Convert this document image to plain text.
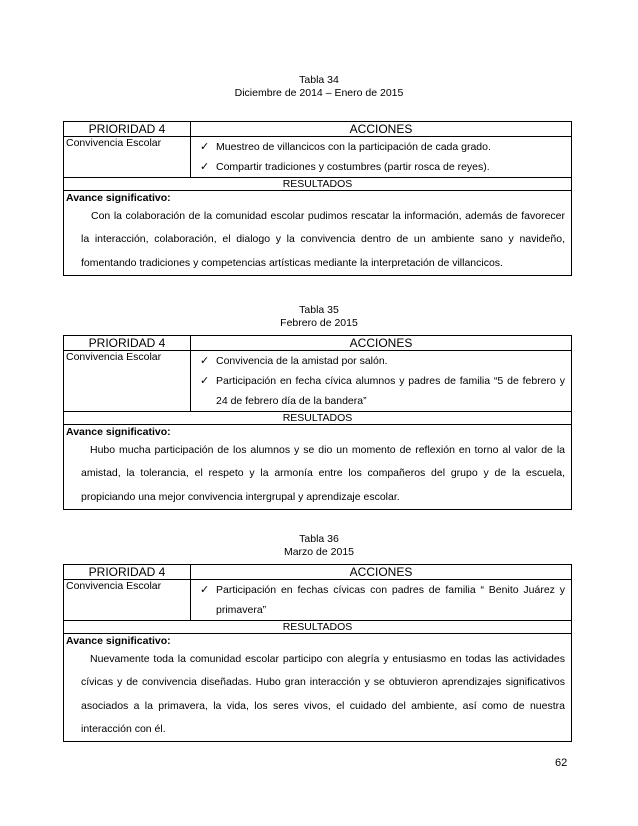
Tabla 34
Diciembre de 2014 – Enero de 2015
PRIORIDAD 4	ACCIONES
Convivencia Escolar	✓ Muestreo de villancicos con la participación de cada grado.
✓ Compartir tradiciones y costumbres (partir rosca de reyes).
RESULTADOS
Avance significativo:
Con la colaboración de la comunidad escolar pudimos rescatar la información, además de favorecer la interacción, colaboración, el dialogo y la convivencia dentro de un ambiente sano y navideño, fomentando tradiciones y competencias artísticas mediante la interpretación de villancicos.
Tabla 35
Febrero de 2015
PRIORIDAD 4	ACCIONES
Convivencia Escolar	✓ Convivencia de la amistad por salón.
✓ Participación en fecha cívica alumnos y padres de familia “5 de febrero y 24 de febrero día de la bandera”
RESULTADOS
Avance significativo:
Hubo mucha participación de los alumnos y se dio un momento de reflexión en torno al valor de la amistad, la tolerancia, el respeto y la armonía entre los compañeros del grupo y de la escuela, propiciando una mejor convivencia intergrupal y aprendizaje escolar.
Tabla 36
Marzo de 2015
PRIORIDAD 4	ACCIONES
Convivencia Escolar	✓ Participación en fechas cívicas con padres de familia “ Benito Juárez y primavera”
RESULTADOS
Avance significativo:
Nuevamente toda la comunidad escolar participo con alegría y entusiasmo en todas las actividades cívicas y de convivencia diseñadas. Hubo gran interacción y se obtuvieron aprendizajes significativos asociados a la primavera, la vida, los seres vivos, el cuidado del ambiente, así como de nuestra interacción con él.
62
